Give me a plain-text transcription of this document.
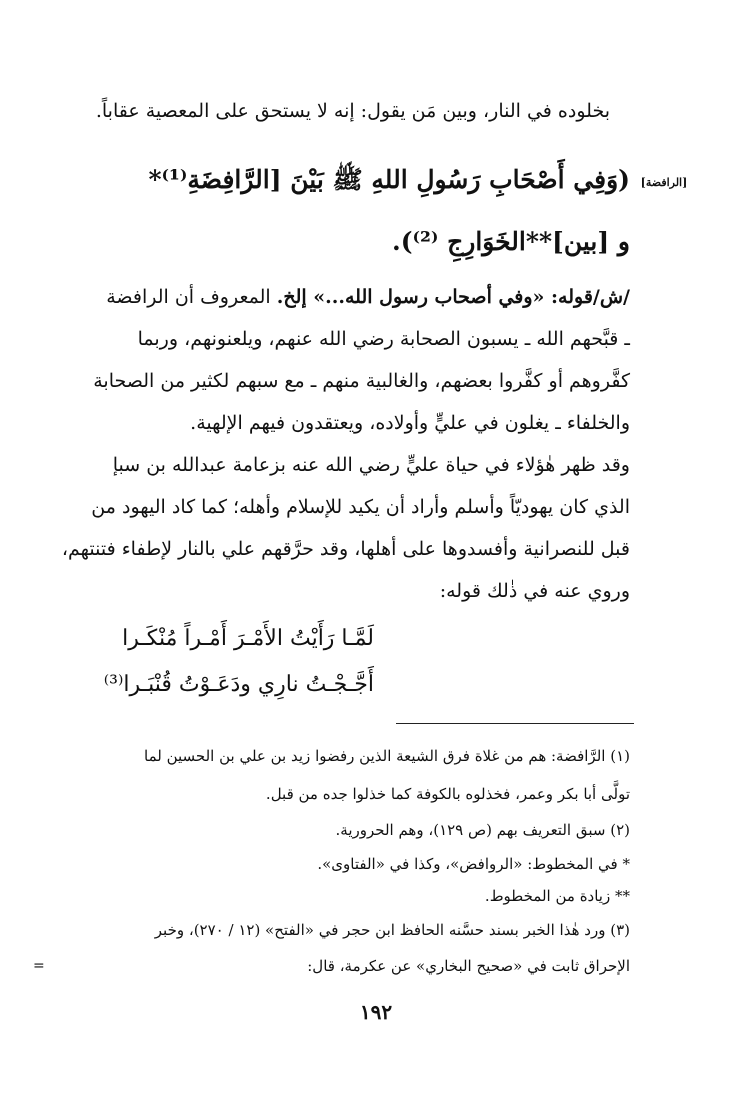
بخلوده في النار، وبين مَن يقول: إنه لا يستحق على المعصية عقاباً.
[الرافضة]
(وَفِي أَصْحَابِ رَسُولِ اللهِ ﷺ بَيْنَ [الرَّافِضَةِ⁽¹⁾*
و [بين]**الخَوَارِجِ ⁽²⁾).
/ش/قوله: «وفي أصحاب رسول الله...» إلخ. المعروف أن الرافضة
ـ قبَّحهم الله ـ يسبون الصحابة رضي الله عنهم، ويلعنونهم، وربما
كفَّروهم أو كفَّروا بعضهم، والغالبية منهم ـ مع سبهم لكثير من الصحابة
والخلفاء ـ يغلون في عليٍّ وأولاده، ويعتقدون فيهم الإلهية.
وقد ظهر هٰؤلاء في حياة عليٍّ رضي الله عنه بزعامة عبدالله بن سبإ
الذي كان يهوديّاً وأسلم وأراد أن يكيد للإسلام وأهله؛ كما كاد اليهود من
قبل للنصرانية وأفسدوها على أهلها، وقد حرَّقهم علي بالنار لإطفاء فتنتهم،
وروي عنه في ذٰلك قوله:
لَمَّـا رَأَيْتُ الأَمْـرَ أَمْـراً مُنْكَـرا
أَجَّـجْـتُ نارِي ودَعَـوْتُ قُنْبَـرا⁽³⁾
(١) الرَّافضة: هم من غلاة فرق الشيعة الذين رفضوا زيد بن علي بن الحسين لما
تولَّى أبا بكر وعمر، فخذلوه بالكوفة كما خذلوا جده من قبل.
(٢) سبق التعريف بهم (ص ١٢٩)، وهم الحرورية.
* في المخطوط: «الروافض»، وكذا في «الفتاوى».
** زيادة من المخطوط.
(٣) ورد هٰذا الخبر بسند حسَّنه الحافظ ابن حجر في «الفتح» (١٢ / ٢٧٠)، وخبر
الإحراق ثابت في «صحيح البخاري» عن عكرمة، قال:
=
١٩٢
